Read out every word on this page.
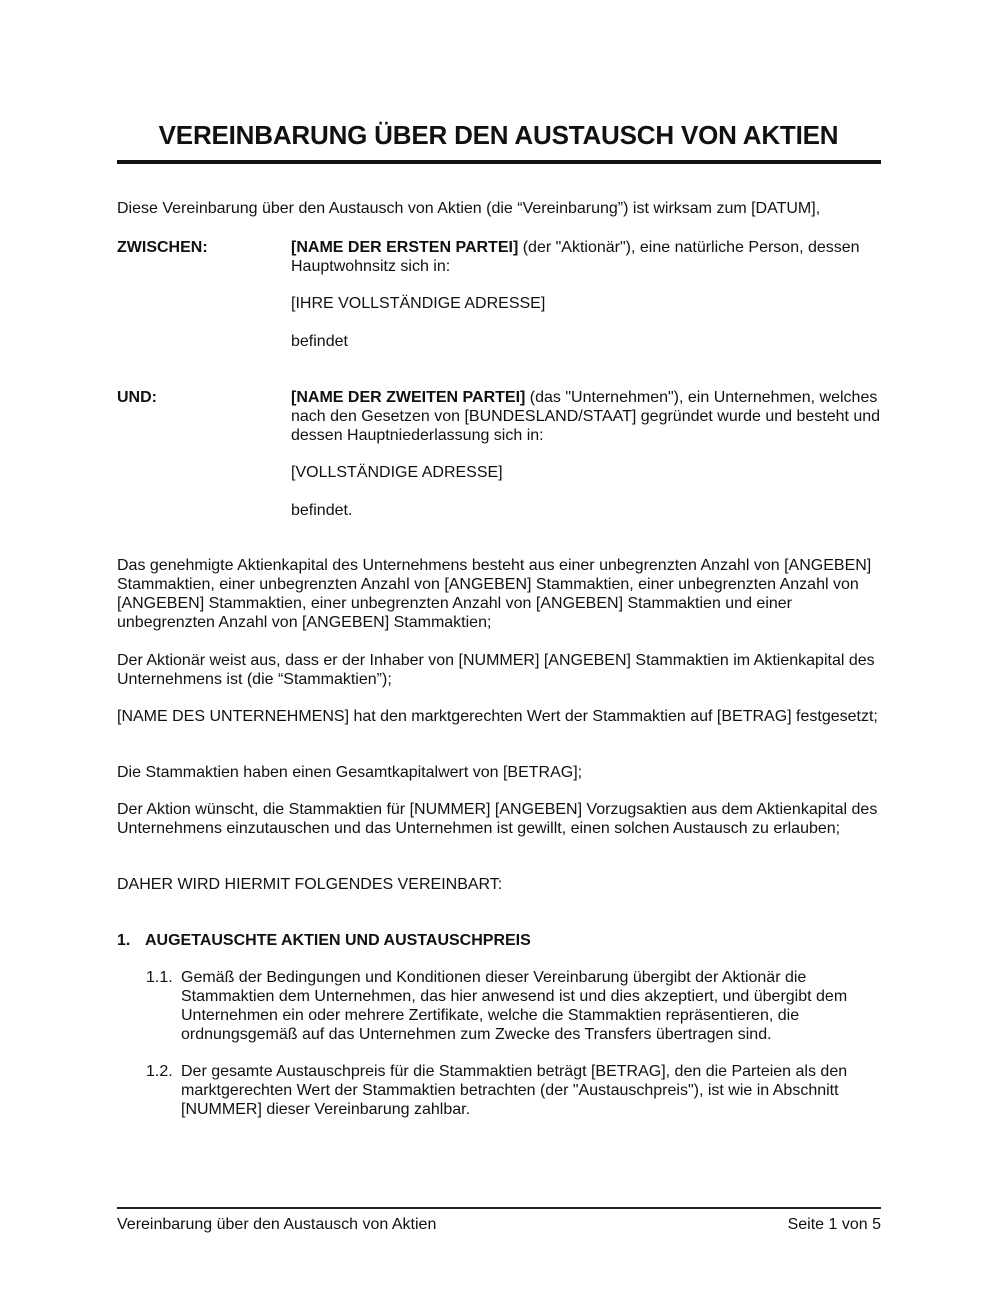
VEREINBARUNG ÜBER DEN AUSTAUSCH VON AKTIEN
Diese Vereinbarung über den Austausch von Aktien (die “Vereinbarung”) ist wirksam zum [DATUM],
ZWISCHEN:	[NAME DER ERSTEN PARTEI] (der "Aktionär"), eine natürliche Person, dessen Hauptwohnsitz sich in:
[IHRE VOLLSTÄNDIGE ADRESSE]
befindet
UND:	[NAME DER ZWEITEN PARTEI] (das "Unternehmen"), ein Unternehmen, welches nach den Gesetzen von [BUNDESLAND/STAAT] gegründet wurde und besteht und dessen Hauptniederlassung sich in:
[VOLLSTÄNDIGE ADRESSE]
befindet.
Das genehmigte Aktienkapital des Unternehmens besteht aus einer unbegrenzten Anzahl von [ANGEBEN] Stammaktien, einer unbegrenzten Anzahl von [ANGEBEN] Stammaktien, einer unbegrenzten Anzahl von [ANGEBEN] Stammaktien, einer unbegrenzten Anzahl von [ANGEBEN] Stammaktien und einer unbegrenzten Anzahl von [ANGEBEN] Stammaktien;
Der Aktionär weist aus, dass er der Inhaber von [NUMMER] [ANGEBEN] Stammaktien im Aktienkapital des Unternehmens ist (die “Stammaktien”);
[NAME DES UNTERNEHMENS] hat den marktgerechten Wert der Stammaktien auf [BETRAG] festgesetzt;
Die Stammaktien haben einen Gesamtkapitalwert von [BETRAG];
Der Aktion wünscht, die Stammaktien für [NUMMER] [ANGEBEN] Vorzugsaktien aus dem Aktienkapital des Unternehmens einzutauschen und das Unternehmen ist gewillt, einen solchen Austausch zu erlauben;
DAHER WIRD HIERMIT FOLGENDES VEREINBART:
1. AUGETAUSCHTE AKTIEN UND AUSTAUSCHPREIS
1.1. Gemäß der Bedingungen und Konditionen dieser Vereinbarung übergibt der Aktionär die Stammaktien dem Unternehmen, das hier anwesend ist und dies akzeptiert, und übergibt dem Unternehmen ein oder mehrere Zertifikate, welche die Stammaktien repräsentieren, die ordnungsgemäß auf das Unternehmen zum Zwecke des Transfers übertragen sind.
1.2. Der gesamte Austauschpreis für die Stammaktien beträgt [BETRAG], den die Parteien als den marktgerechten Wert der Stammaktien betrachten (der "Austauschpreis"), ist wie in Abschnitt [NUMMER] dieser Vereinbarung zahlbar.
Vereinbarung über den Austausch von Aktien	Seite 1 von 5
